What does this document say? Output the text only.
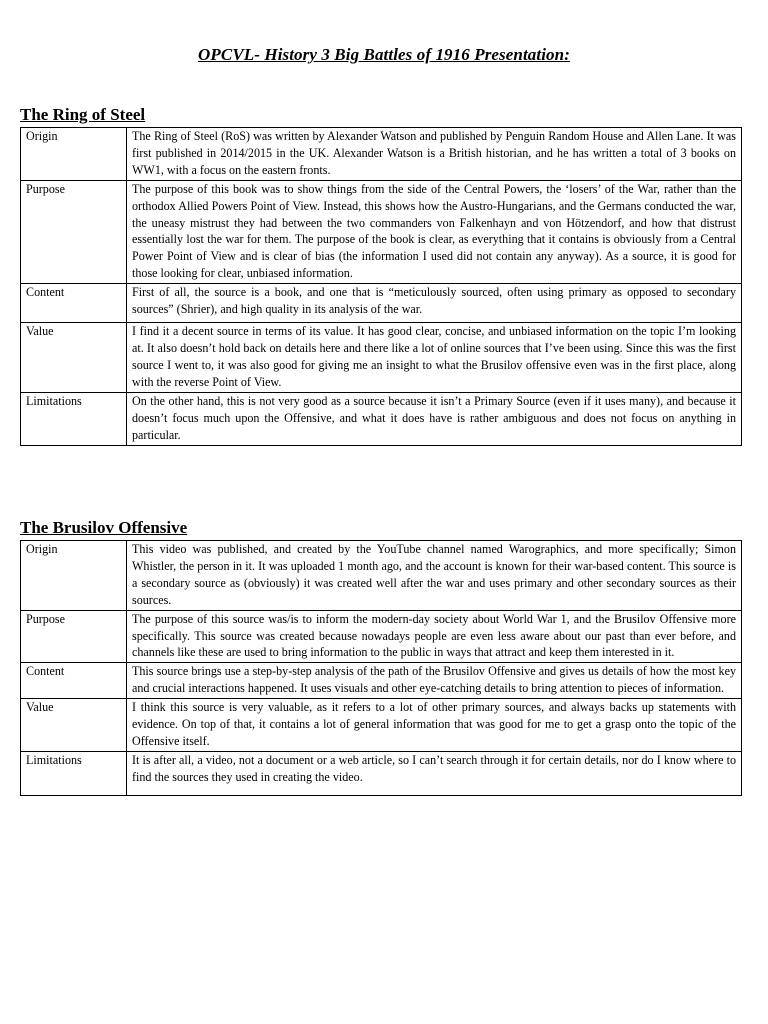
OPCVL- History 3 Big Battles of 1916 Presentation:
The Ring of Steel
Origin	The Ring of Steel (RoS) was written by Alexander Watson and published by Penguin Random House and Allen Lane. It was first published in 2014/2015 in the UK. Alexander Watson is a British historian, and he has written a total of 3 books on WW1, with a focus on the eastern fronts.
Purpose	The purpose of this book was to show things from the side of the Central Powers, the ‘losers’ of the War, rather than the orthodox Allied Powers Point of View. Instead, this shows how the Austro-Hungarians, and the Germans conducted the war, the uneasy mistrust they had between the two commanders von Falkenhayn and von Hötzendorf, and how that distrust essentially lost the war for them. The purpose of the book is clear, as everything that it contains is obviously from a Central Power Point of View and is clear of bias (the information I used did not contain any anyway). As a source, it is good for those looking for clear, unbiased information.
Content	First of all, the source is a book, and one that is “meticulously sourced, often using primary as opposed to secondary sources” (Shrier), and high quality in its analysis of the war.
Value	I find it a decent source in terms of its value. It has good clear, concise, and unbiased information on the topic I’m looking at. It also doesn’t hold back on details here and there like a lot of online sources that I’ve been using. Since this was the first source I went to, it was also good for giving me an insight to what the Brusilov offensive even was in the first place, along with the reverse Point of View.
Limitations	On the other hand, this is not very good as a source because it isn’t a Primary Source (even if it uses many), and because it doesn’t focus much upon the Offensive, and what it does have is rather ambiguous and does not focus on anything in particular.
The Brusilov Offensive
Origin	This video was published, and created by the YouTube channel named Warographics, and more specifically; Simon Whistler, the person in it. It was uploaded 1 month ago, and the account is known for their war-based content. This source is a secondary source as (obviously) it was created well after the war and uses primary and other secondary sources as their sources.
Purpose	The purpose of this source was/is to inform the modern-day society about World War 1, and the Brusilov Offensive more specifically. This source was created because nowadays people are even less aware about our past than ever before, and channels like these are used to bring information to the public in ways that attract and keep them interested in it.
Content	This source brings use a step-by-step analysis of the path of the Brusilov Offensive and gives us details of how the most key and crucial interactions happened. It uses visuals and other eye-catching details to bring attention to pieces of information.
Value	I think this source is very valuable, as it refers to a lot of other primary sources, and always backs up statements with evidence. On top of that, it contains a lot of general information that was good for me to get a grasp onto the topic of the Offensive itself.
Limitations	It is after all, a video, not a document or a web article, so I can’t search through it for certain details, nor do I know where to find the sources they used in creating the video.
